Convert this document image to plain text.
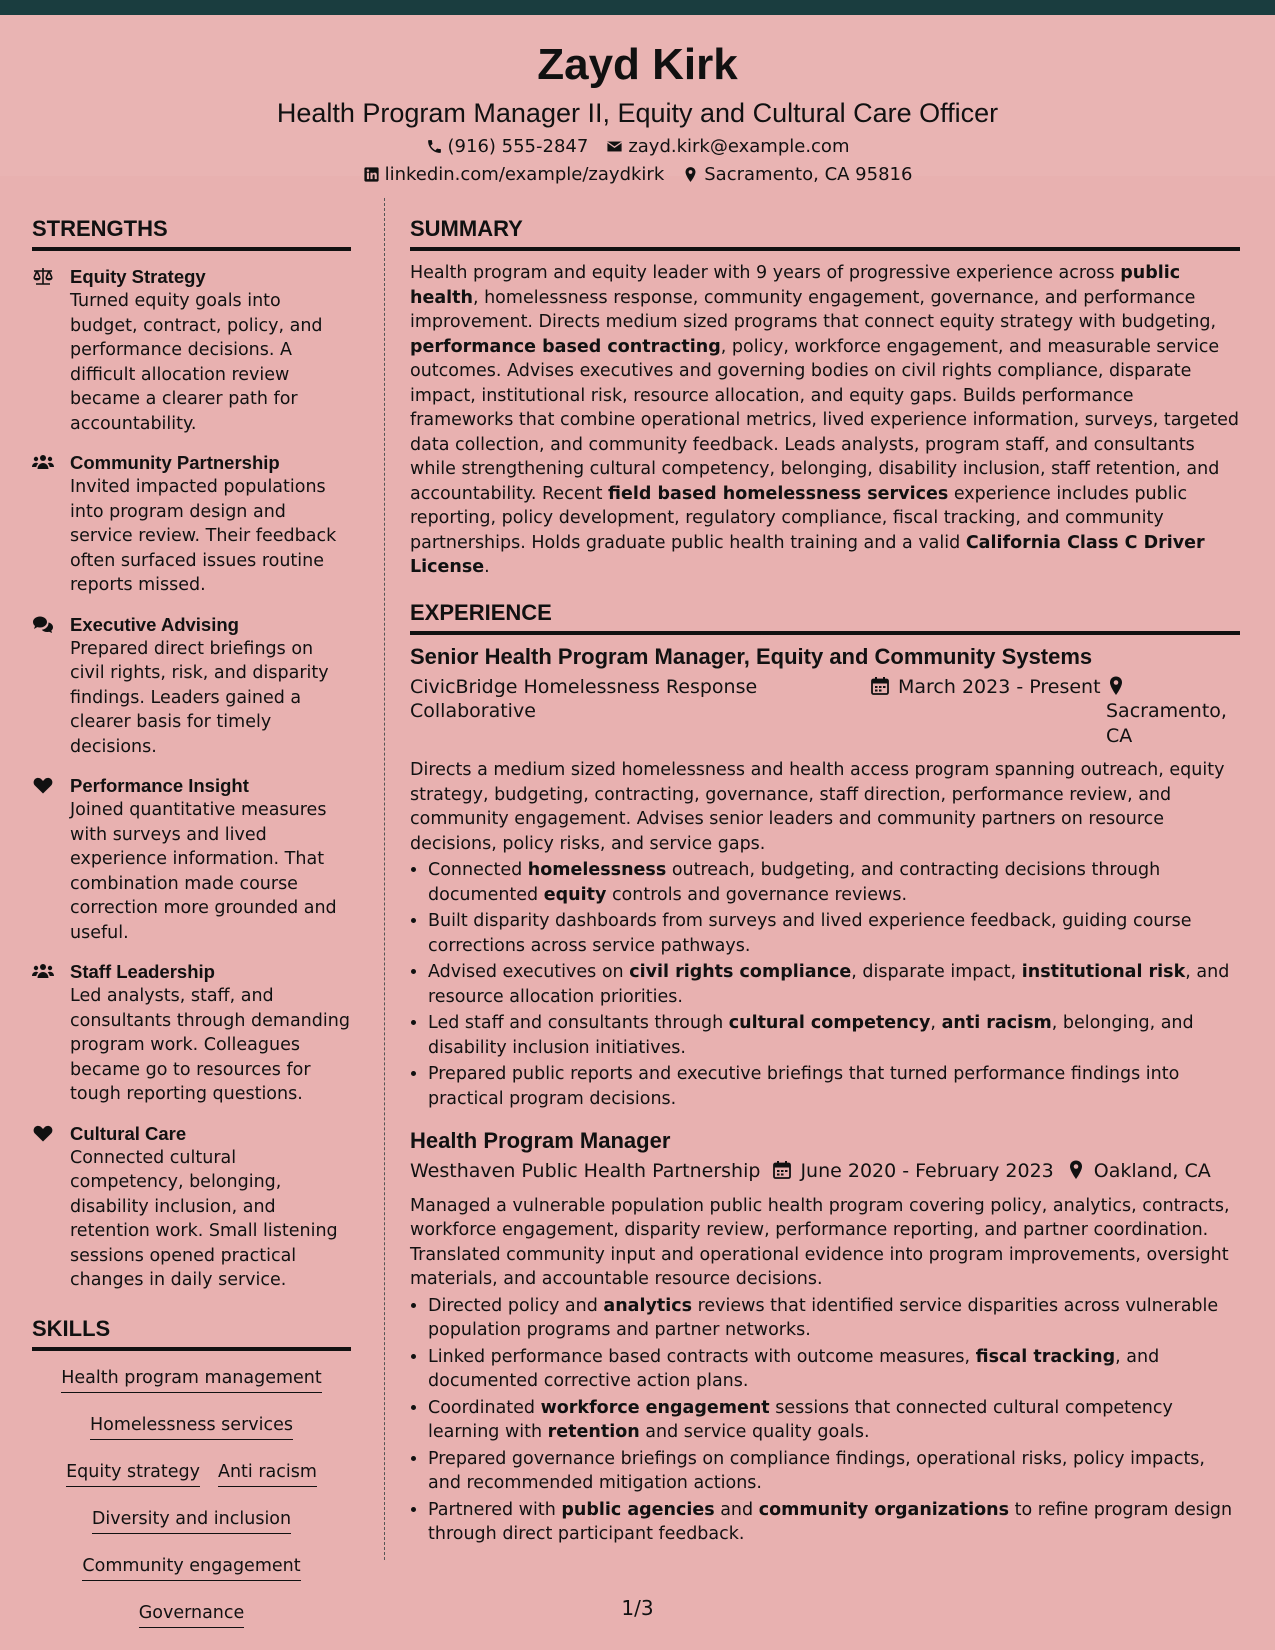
Zayd Kirk
Health Program Manager II, Equity and Cultural Care Officer
(916) 555-2847 zayd.kirk@example.com
linkedin.com/example/zaydkirk Sacramento, CA 95816
STRENGTHS
Equity Strategy
Turned equity goals into budget, contract, policy, and performance decisions. A difficult allocation review became a clearer path for accountability.
Community Partnership
Invited impacted populations into program design and service review. Their feedback often surfaced issues routine reports missed.
Executive Advising
Prepared direct briefings on civil rights, risk, and disparity findings. Leaders gained a clearer basis for timely decisions.
Performance Insight
Joined quantitative measures with surveys and lived experience information. That combination made course correction more grounded and useful.
Staff Leadership
Led analysts, staff, and consultants through demanding program work. Colleagues became go to resources for tough reporting questions.
Cultural Care
Connected cultural competency, belonging, disability inclusion, and retention work. Small listening sessions opened practical changes in daily service.
SKILLS
Health program management
Homelessness services
Equity strategy Anti racism
Diversity and inclusion
Community engagement
Governance
SUMMARY
Health program and equity leader with 9 years of progressive experience across public health, homelessness response, community engagement, governance, and performance improvement. Directs medium sized programs that connect equity strategy with budgeting, performance based contracting, policy, workforce engagement, and measurable service outcomes. Advises executives and governing bodies on civil rights compliance, disparate impact, institutional risk, resource allocation, and equity gaps. Builds performance frameworks that combine operational metrics, lived experience information, surveys, targeted data collection, and community feedback. Leads analysts, program staff, and consultants while strengthening cultural competency, belonging, disability inclusion, staff retention, and accountability. Recent field based homelessness services experience includes public reporting, policy development, regulatory compliance, fiscal tracking, and community partnerships. Holds graduate public health training and a valid California Class C Driver License.
EXPERIENCE
Senior Health Program Manager, Equity and Community Systems
CivicBridge Homelessness Response Collaborative
March 2023 - Present
Sacramento, CA
Directs a medium sized homelessness and health access program spanning outreach, equity strategy, budgeting, contracting, governance, staff direction, performance review, and community engagement. Advises senior leaders and community partners on resource decisions, policy risks, and service gaps.
• Connected homelessness outreach, budgeting, and contracting decisions through documented equity controls and governance reviews.
• Built disparity dashboards from surveys and lived experience feedback, guiding course corrections across service pathways.
• Advised executives on civil rights compliance, disparate impact, institutional risk, and resource allocation priorities.
• Led staff and consultants through cultural competency, anti racism, belonging, and disability inclusion initiatives.
• Prepared public reports and executive briefings that turned performance findings into practical program decisions.
Health Program Manager
Westhaven Public Health Partnership	June 2020 - February 2023	Oakland, CA
Managed a vulnerable population public health program covering policy, analytics, contracts, workforce engagement, disparity review, performance reporting, and partner coordination. Translated community input and operational evidence into program improvements, oversight materials, and accountable resource decisions.
• Directed policy and analytics reviews that identified service disparities across vulnerable population programs and partner networks.
• Linked performance based contracts with outcome measures, fiscal tracking, and documented corrective action plans.
• Coordinated workforce engagement sessions that connected cultural competency learning with retention and service quality goals.
• Prepared governance briefings on compliance findings, operational risks, policy impacts, and recommended mitigation actions.
• Partnered with public agencies and community organizations to refine program design through direct participant feedback.
1/3
